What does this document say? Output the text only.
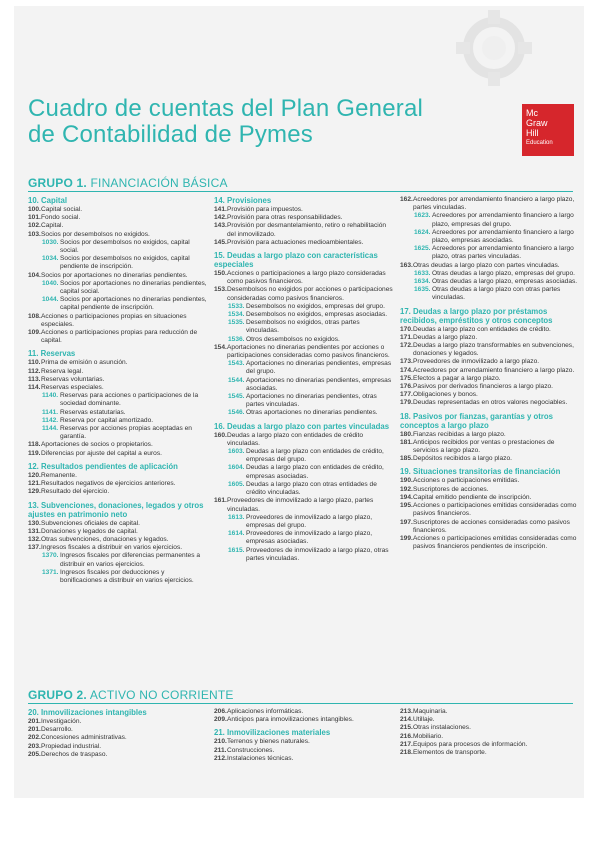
Cuadro de cuentas del Plan General
de Contabilidad de Pymes
Mc
Graw
Hill
Education
GRUPO 1. FINANCIACIÓN BÁSICA
10. Capital
100. Capital social.
101. Fondo social.
102. Capital.
103. Socios por desembolsos no exigidos.
1030. Socios por desembolsos no exigidos, capital social.
1034. Socios por desembolsos no exigidos, capital pendiente de inscripción.
104. Socios por aportaciones no dinerarias pendientes.
1040. Socios por aportaciones no dinerarias pendientes, capital social.
1044. Socios por aportaciones no dinerarias pendientes, capital pendiente de inscripción.
108. Acciones o participaciones propias en situaciones especiales.
109. Acciones o participaciones propias para reducción de capital.
11. Reservas
110. Prima de emisión o asunción.
112. Reserva legal.
113. Reservas voluntarias.
114. Reservas especiales.
1140. Reservas para acciones o participaciones de la sociedad dominante.
1141. Reservas estatutarias.
1142. Reserva por capital amortizado.
1144. Reservas por acciones propias aceptadas en garantía.
118. Aportaciones de socios o propietarios.
119. Diferencias por ajuste del capital a euros.
12. Resultados pendientes de aplicación
120. Remanente.
121. Resultados negativos de ejercicios anteriores.
129. Resultado del ejercicio.
13. Subvenciones, donaciones, legados y otros ajustes en patrimonio neto
130. Subvenciones oficiales de capital.
131. Donaciones y legados de capital.
132. Otras subvenciones, donaciones y legados.
137. Ingresos fiscales a distribuir en varios ejercicios.
1370. Ingresos fiscales por diferencias permanentes a distribuir en varios ejercicios.
1371. Ingresos fiscales por deducciones y bonificaciones a distribuir en varios ejercicios.
14. Provisiones
141. Provisión para impuestos.
142. Provisión para otras responsabilidades.
143. Provisión por desmantelamiento, retiro o rehabilitación del inmovilizado.
145. Provisión para actuaciones medioambientales.
15. Deudas a largo plazo con características especiales
150. Acciones o participaciones a largo plazo consideradas como pasivos financieros.
153. Desembolsos no exigidos por acciones o participaciones consideradas como pasivos financieros.
1533. Desembolsos no exigidos, empresas del grupo.
1534. Desembolsos no exigidos, empresas asociadas.
1535. Desembolsos no exigidos, otras partes vinculadas.
1536. Otros desembolsos no exigidos.
154. Aportaciones no dinerarias pendientes por acciones o participaciones consideradas como pasivos financieros.
1543. Aportaciones no dinerarias pendientes, empresas del grupo.
1544. Aportaciones no dinerarias pendientes, empresas asociadas.
1545. Aportaciones no dinerarias pendientes, otras partes vinculadas.
1546. Otras aportaciones no dinerarias pendientes.
16. Deudas a largo plazo con partes vinculadas
160. Deudas a largo plazo con entidades de crédito vinculadas.
1603. Deudas a largo plazo con entidades de crédito, empresas del grupo.
1604. Deudas a largo plazo con entidades de crédito, empresas asociadas.
1605. Deudas a largo plazo con otras entidades de crédito vinculadas.
161. Proveedores de inmovilizado a largo plazo, partes vinculadas.
1613. Proveedores de inmovilizado a largo plazo, empresas del grupo.
1614. Proveedores de inmovilizado a largo plazo, empresas asociadas.
1615. Proveedores de inmovilizado a largo plazo, otras partes vinculadas.
162. Acreedores por arrendamiento financiero a largo plazo, partes vinculadas.
1623. Acreedores por arrendamiento financiero a largo plazo, empresas del grupo.
1624. Acreedores por arrendamiento financiero a largo plazo, empresas asociadas.
1625. Acreedores por arrendamiento financiero a largo plazo, otras partes vinculadas.
163. Otras deudas a largo plazo con partes vinculadas.
1633. Otras deudas a largo plazo, empresas del grupo.
1634. Otras deudas a largo plazo, empresas asociadas.
1635. Otras deudas a largo plazo con otras partes vinculadas.
17. Deudas a largo plazo por préstamos recibidos, empréstitos y otros conceptos
170. Deudas a largo plazo con entidades de crédito.
171. Deudas a largo plazo.
172. Deudas a largo plazo transformables en subvenciones, donaciones y legados.
173. Proveedores de inmovilizado a largo plazo.
174. Acreedores por arrendamiento financiero a largo plazo.
175. Efectos a pagar a largo plazo.
176. Pasivos por derivados financieros a largo plazo.
177. Obligaciones y bonos.
179. Deudas representadas en otros valores negociables.
18. Pasivos por fianzas, garantías y otros conceptos a largo plazo
180. Fianzas recibidas a largo plazo.
181. Anticipos recibidos por ventas o prestaciones de servicios a largo plazo.
185. Depósitos recibidos a largo plazo.
19. Situaciones transitorias de financiación
190. Acciones o participaciones emitidas.
192. Suscriptores de acciones.
194. Capital emitido pendiente de inscripción.
195. Acciones o participaciones emitidas consideradas como pasivos financieros.
197. Suscriptores de acciones consideradas como pasivos financieros.
199. Acciones o participaciones emitidas consideradas como pasivos financieros pendientes de inscripción.
GRUPO 2. ACTIVO NO CORRIENTE
20. Inmovilizaciones intangibles
201. Investigación.
201. Desarrollo.
202. Concesiones administrativas.
203. Propiedad industrial.
205. Derechos de traspaso.
206. Aplicaciones informáticas.
209. Anticipos para inmovilizaciones intangibles.
21. Inmovilizaciones materiales
210. Terrenos y bienes naturales.
211. Construcciones.
212. Instalaciones técnicas.
213. Maquinaria.
214. Utillaje.
215. Otras instalaciones.
216. Mobiliario.
217. Equipos para procesos de información.
218. Elementos de transporte.
